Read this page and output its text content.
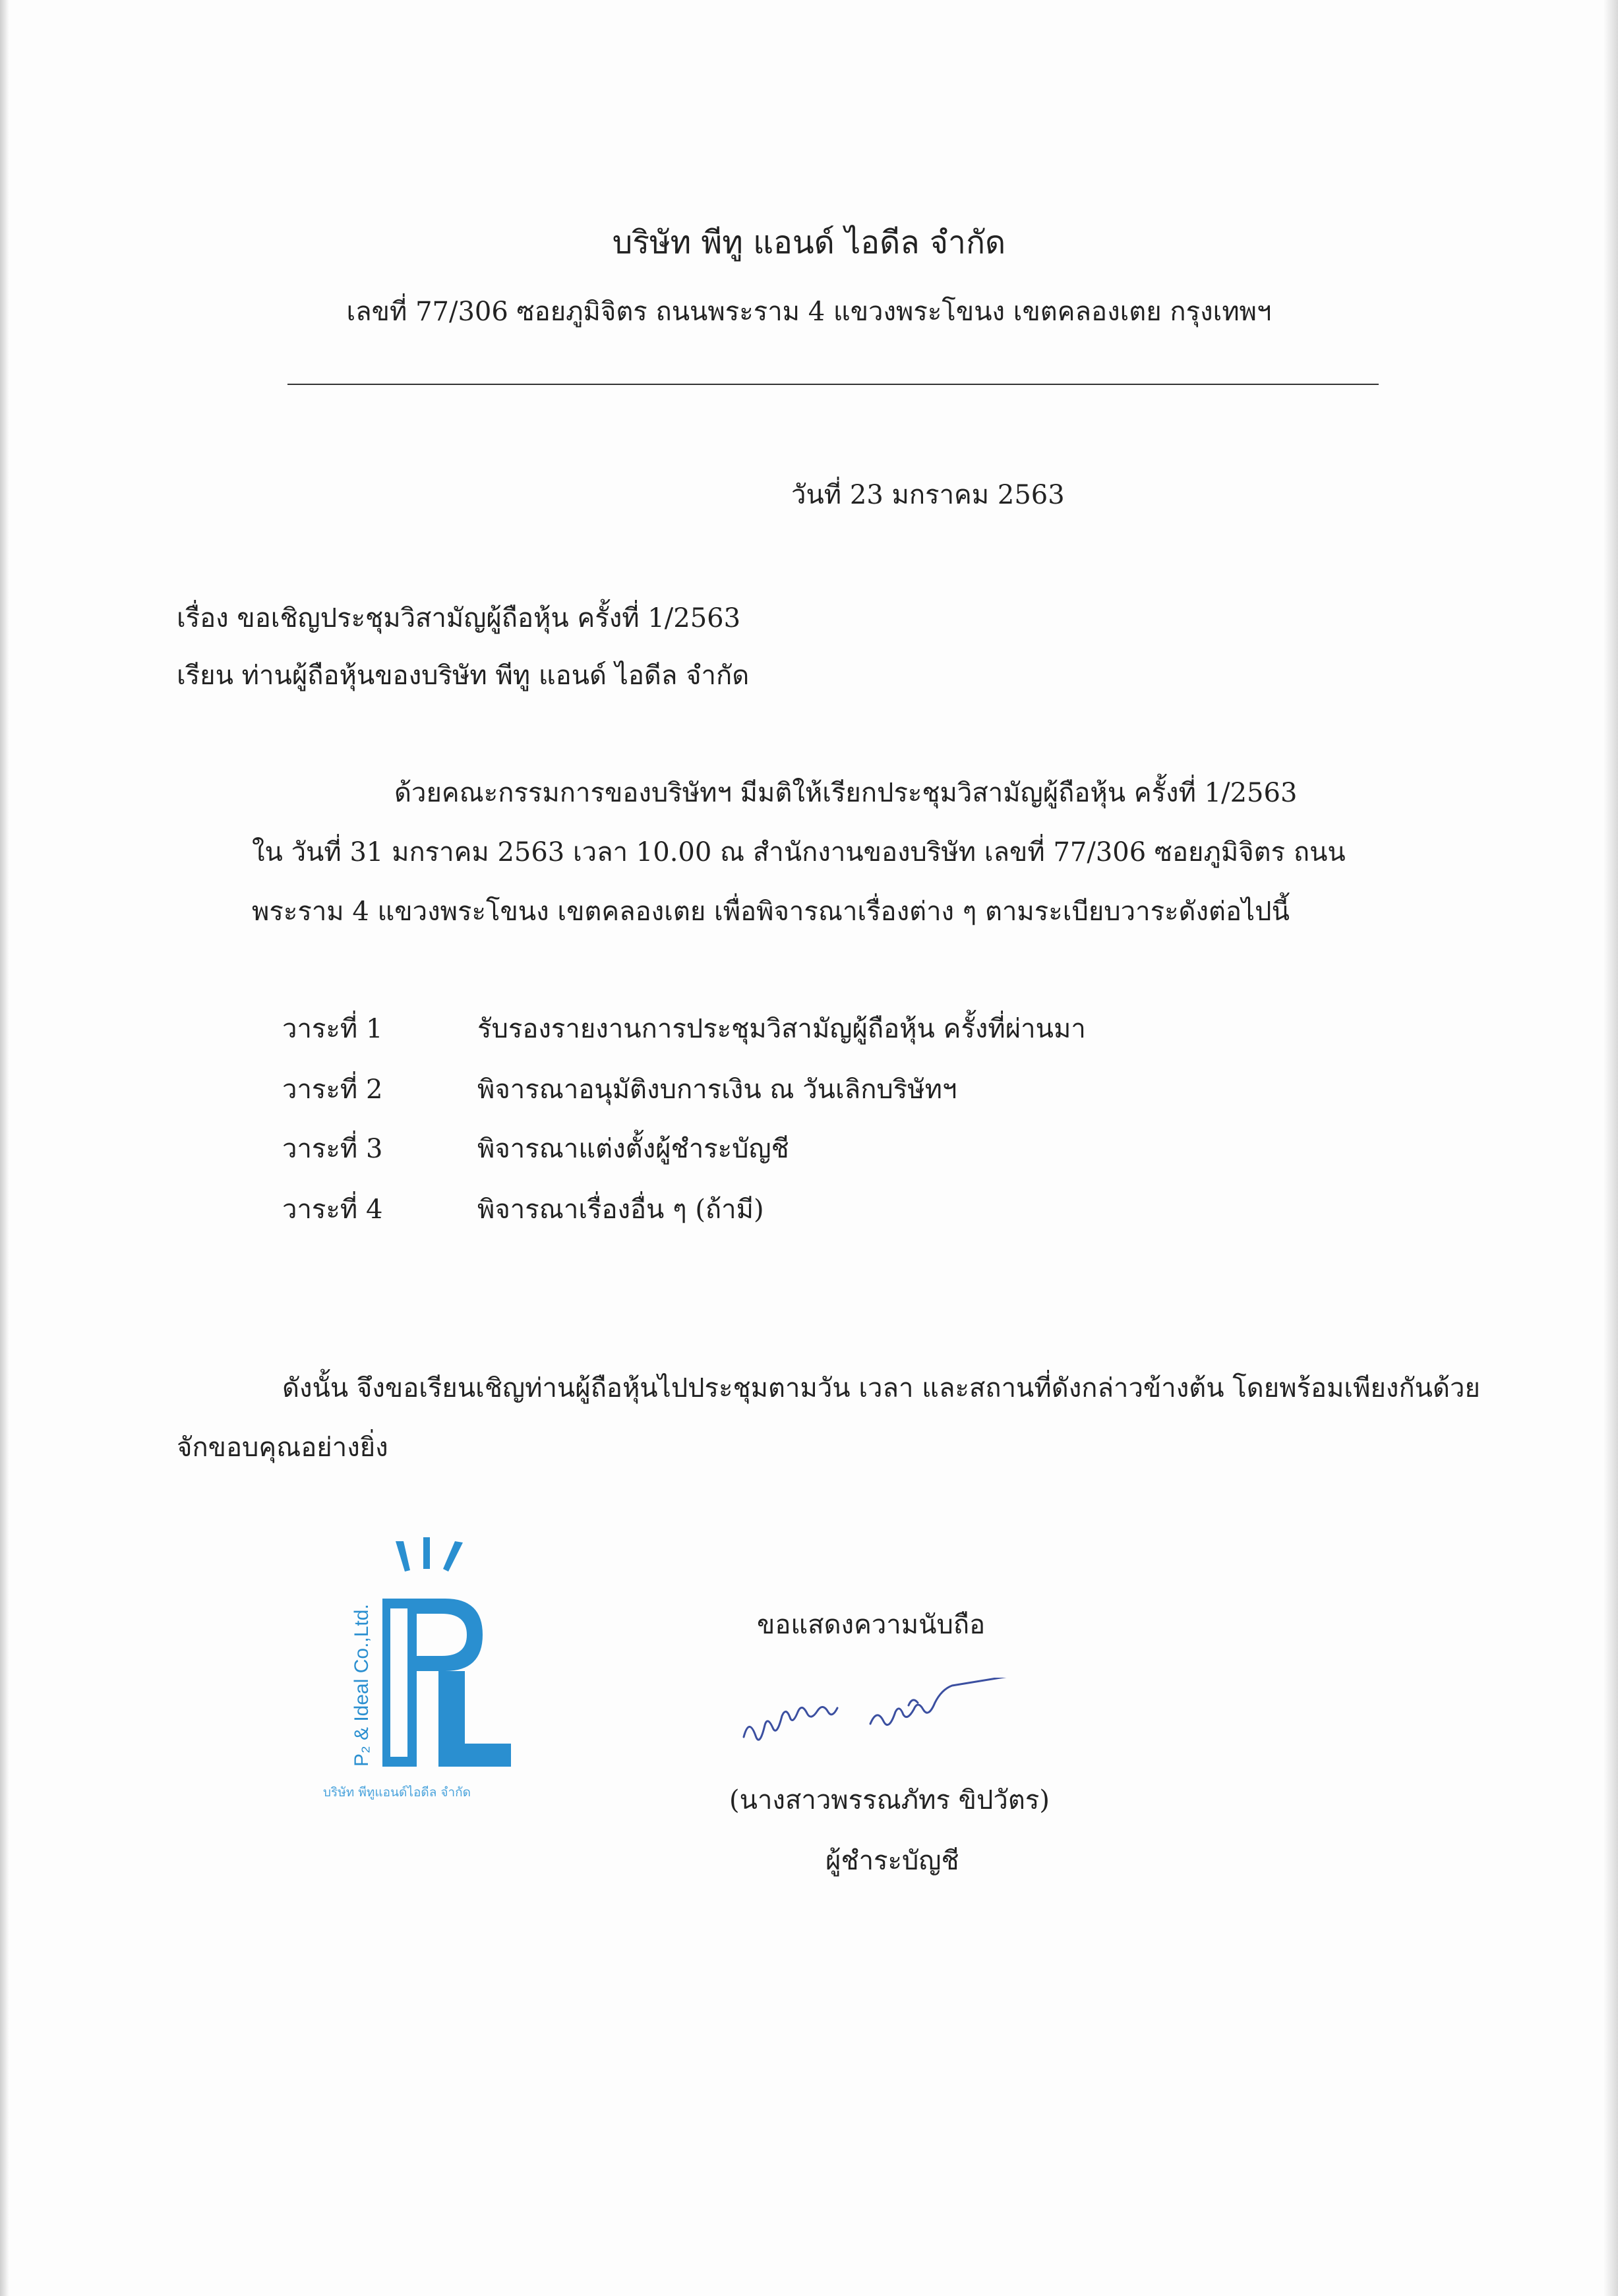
บริษัท พีทู แอนด์ ไอดีล จำกัด
เลขที่ 77/306 ซอยภูมิจิตร ถนนพระราม 4 แขวงพระโขนง เขตคลองเตย กรุงเทพฯ
วันที่ 23 มกราคม 2563
เรื่อง ขอเชิญประชุมวิสามัญผู้ถือหุ้น ครั้งที่ 1/2563
เรียน ท่านผู้ถือหุ้นของบริษัท พีทู แอนด์ ไอดีล จำกัด
ด้วยคณะกรรมการของบริษัทฯ มีมติให้เรียกประชุมวิสามัญผู้ถือหุ้น ครั้งที่ 1/2563
ใน วันที่ 31 มกราคม 2563 เวลา 10.00 ณ สำนักงานของบริษัท เลขที่ 77/306 ซอยภูมิจิตร ถนน
พระราม 4 แขวงพระโขนง เขตคลองเตย เพื่อพิจารณาเรื่องต่าง ๆ ตามระเบียบวาระดังต่อไปนี้
วาระที่ 1	รับรองรายงานการประชุมวิสามัญผู้ถือหุ้น ครั้งที่ผ่านมา
วาระที่ 2	พิจารณาอนุมัติงบการเงิน ณ วันเลิกบริษัทฯ
วาระที่ 3	พิจารณาแต่งตั้งผู้ชำระบัญชี
วาระที่ 4	พิจารณาเรื่องอื่น ๆ (ถ้ามี)
ดังนั้น จึงขอเรียนเชิญท่านผู้ถือหุ้นไปประชุมตามวัน เวลา และสถานที่ดังกล่าวข้างต้น โดยพร้อมเพียงกันด้วย
จักขอบคุณอย่างยิ่ง
P₂ & Ideal Co.,Ltd.
บริษัท พีทูแอนด์ไอดีล จำกัด
ขอแสดงความนับถือ
(นางสาวพรรณภัทร ขิปวัตร)
ผู้ชำระบัญชี
